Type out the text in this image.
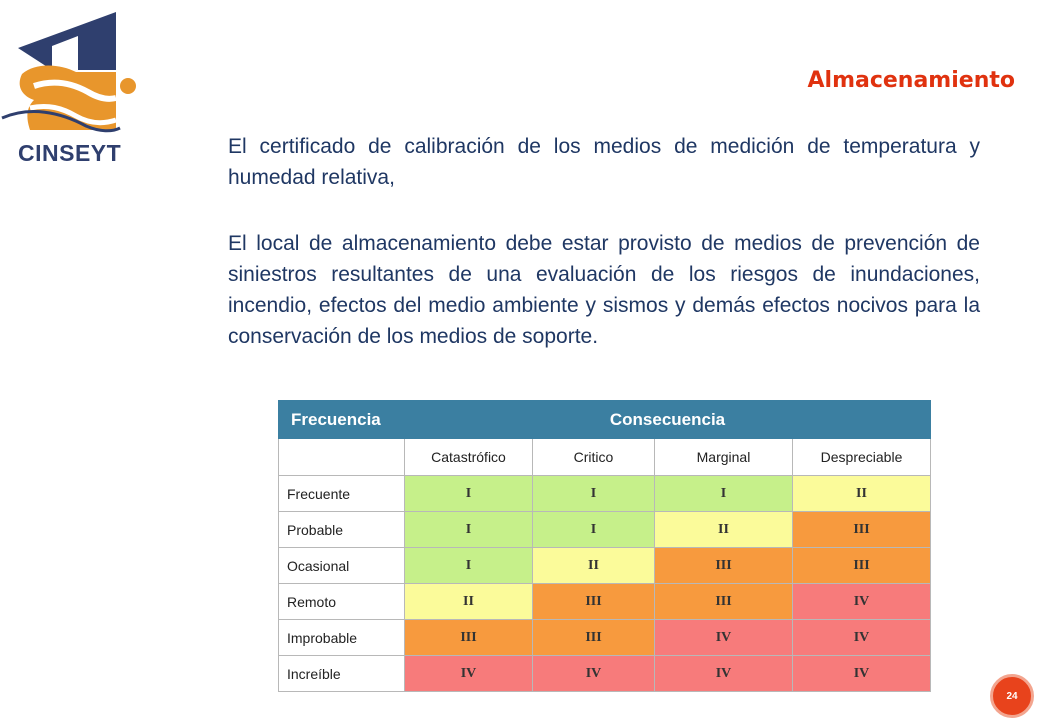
CINSEYT
Almacenamiento

El certificado de calibración de los medios de medición de temperatura y humedad relativa,

El local de almacenamiento debe estar provisto de medios de prevención de siniestros resultantes de una evaluación de los riesgos de inundaciones, incendio, efectos del medio ambiente y sismos y demás efectos nocivos para la conservación de los medios de soporte.

Frecuencia	Consecuencia			
	Catastrófico	Critico	Marginal	Despreciable
Frecuente	I	I	I	II
Probable	I	I	II	III
Ocasional	I	II	III	III
Remoto	II	III	III	IV
Improbable	III	III	IV	IV
Increíble	IV	IV	IV	IV
24
